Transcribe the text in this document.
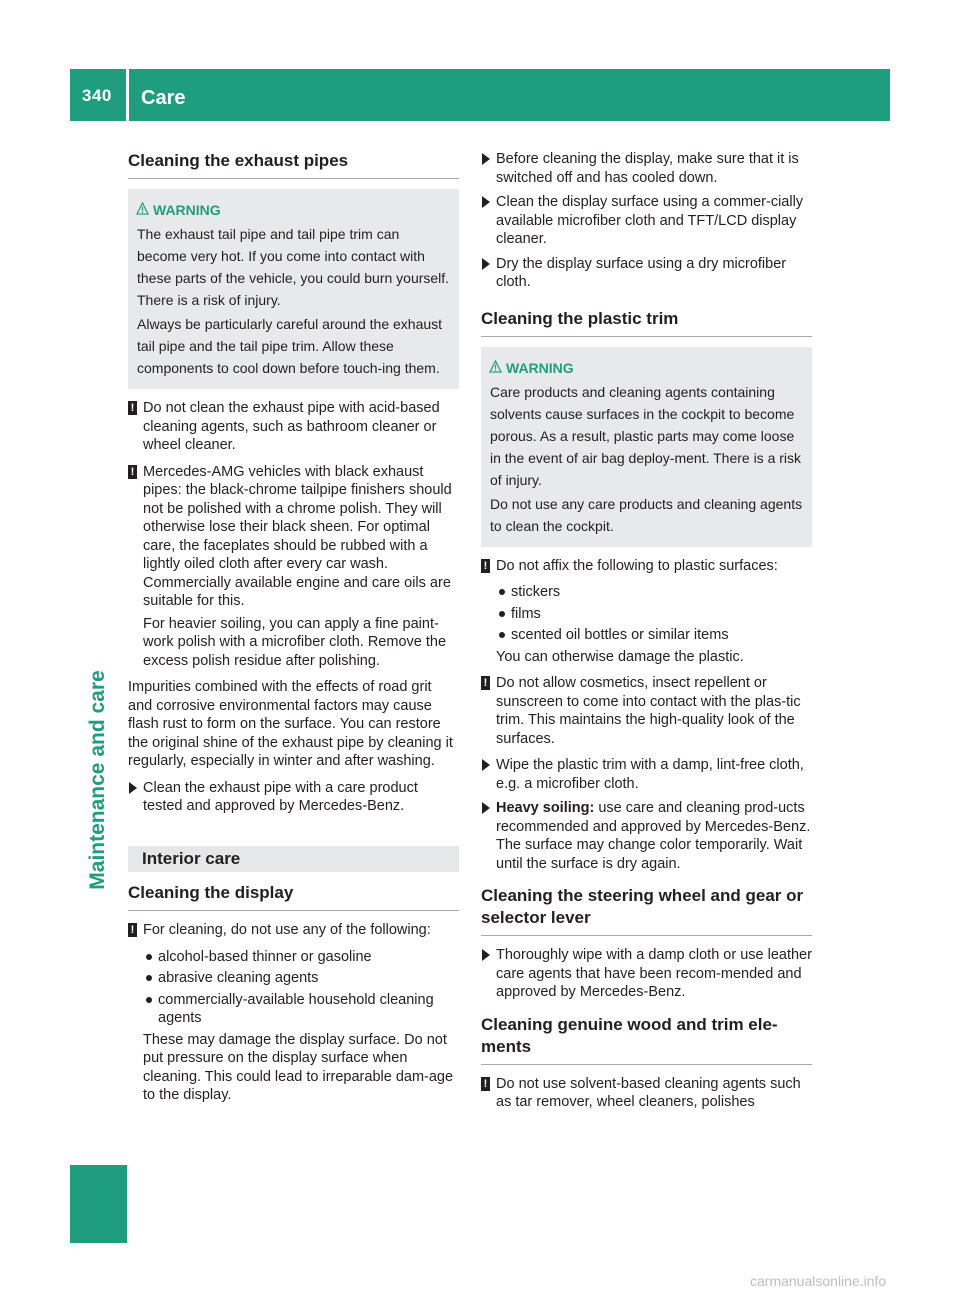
340	Care
Maintenance and care
Cleaning the exhaust pipes
WARNING

The exhaust tail pipe and tail pipe trim can become very hot. If you come into contact with these parts of the vehicle, you could burn yourself. There is a risk of injury.

Always be particularly careful around the exhaust tail pipe and the tail pipe trim. Allow these components to cool down before touch-ing them.

! Do not clean the exhaust pipe with acid-based cleaning agents, such as bathroom cleaner or wheel cleaner.

! Mercedes-AMG vehicles with black exhaust pipes: the black-chrome tailpipe finishers should not be polished with a chrome polish. They will otherwise lose their black sheen. For optimal care, the faceplates should be rubbed with a lightly oiled cloth after every car wash. Commercially available engine and care oils are suitable for this.

For heavier soiling, you can apply a fine paint-work polish with a microfiber cloth. Remove the excess polish residue after polishing.

Impurities combined with the effects of road grit and corrosive environmental factors may cause flash rust to form on the surface. You can restore the original shine of the exhaust pipe by cleaning it regularly, especially in winter and after washing.

Clean the exhaust pipe with a care product tested and approved by Mercedes-Benz.
Interior care
Cleaning the display
! For cleaning, do not use any of the following:

alcohol-based thinner or gasoline
abrasive cleaning agents
commercially-available household cleaning agents

These may damage the display surface. Do not put pressure on the display surface when cleaning. This could lead to irreparable dam-age to the display.

Before cleaning the display, make sure that it is switched off and has cooled down.
Clean the display surface using a commer-cially available microfiber cloth and TFT/LCD display cleaner.
Dry the display surface using a dry microfiber cloth.
Cleaning the plastic trim
WARNING

Care products and cleaning agents containing solvents cause surfaces in the cockpit to become porous. As a result, plastic parts may come loose in the event of air bag deploy-ment. There is a risk of injury.

Do not use any care products and cleaning agents to clean the cockpit.

! Do not affix the following to plastic surfaces:

stickers
films
scented oil bottles or similar items

You can otherwise damage the plastic.

! Do not allow cosmetics, insect repellent or sunscreen to come into contact with the plas-tic trim. This maintains the high-quality look of the surfaces.

Wipe the plastic trim with a damp, lint-free cloth, e.g. a microfiber cloth.
Heavy soiling: use care and cleaning prod-ucts recommended and approved by Mercedes-Benz.
The surface may change color temporarily. Wait until the surface is dry again.
Cleaning the steering wheel and gear or selector lever
Thoroughly wipe with a damp cloth or use leather care agents that have been recom-mended and approved by Mercedes-Benz.
Cleaning genuine wood and trim ele-ments
! Do not use solvent-based cleaning agents such as tar remover, wheel cleaners, polishes

carmanualsonline.info
